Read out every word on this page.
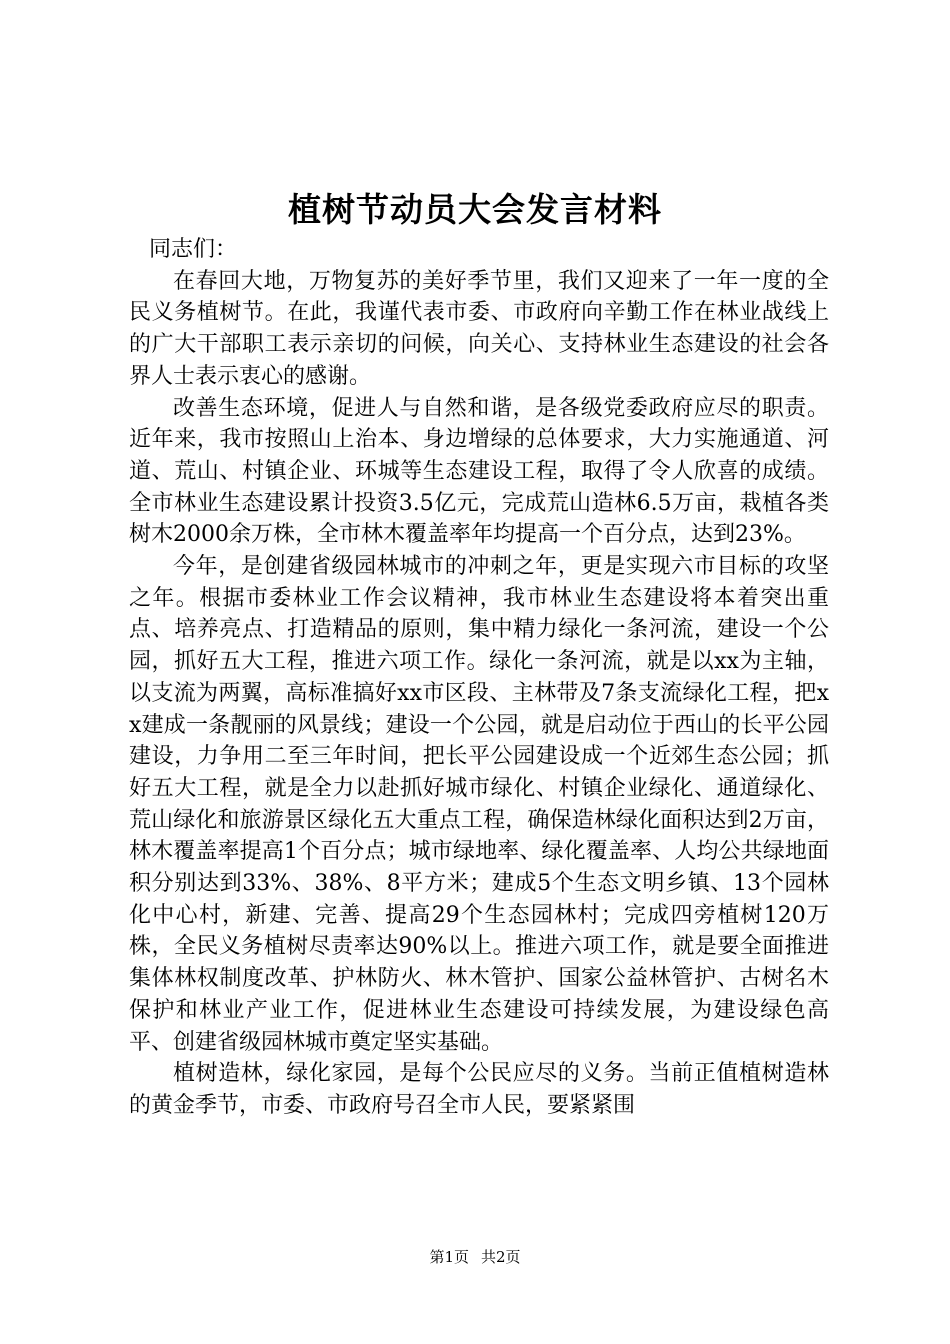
植树节动员大会发言材料

同志们：

在春回大地，万物复苏的美好季节里，我们又迎来了一年一度的全民义务植树节。在此，我谨代表市委、市政府向辛勤工作在林业战线上的广大干部职工表示亲切的问候，向关心、支持林业生态建设的社会各界人士表示衷心的感谢。

改善生态环境，促进人与自然和谐，是各级党委政府应尽的职责。近年来，我市按照山上治本、身边增绿的总体要求，大力实施通道、河道、荒山、村镇企业、环城等生态建设工程，取得了令人欣喜的成绩。全市林业生态建设累计投资3.5亿元，完成荒山造林6.5万亩，栽植各类树木2000余万株，全市林木覆盖率年均提高一个百分点，达到23%。

今年，是创建省级园林城市的冲刺之年，更是实现六市目标的攻坚之年。根据市委林业工作会议精神，我市林业生态建设将本着突出重点、培养亮点、打造精品的原则，集中精力绿化一条河流，建设一个公园，抓好五大工程，推进六项工作。绿化一条河流，就是以xx为主轴，以支流为两翼，高标准搞好xx市区段、主林带及7条支流绿化工程，把xx建成一条靓丽的风景线；建设一个公园，就是启动位于西山的长平公园建设，力争用二至三年时间，把长平公园建设成一个近郊生态公园；抓好五大工程，就是全力以赴抓好城市绿化、村镇企业绿化、通道绿化、荒山绿化和旅游景区绿化五大重点工程，确保造林绿化面积达到2万亩，林木覆盖率提高1个百分点；城市绿地率、绿化覆盖率、人均公共绿地面积分别达到33%、38%、8平方米；建成5个生态文明乡镇、13个园林化中心村，新建、完善、提高29个生态园林村；完成四旁植树120万株，全民义务植树尽责率达90%以上。推进六项工作，就是要全面推进集体林权制度改革、护林防火、林木管护、国家公益林管护、古树名木保护和林业产业工作，促进林业生态建设可持续发展，为建设绿色高平、创建省级园林城市奠定坚实基础。

植树造林，绿化家园，是每个公民应尽的义务。当前正值植树造林的黄金季节，市委、市政府号召全市人民，要紧紧围

第1页 共2页
